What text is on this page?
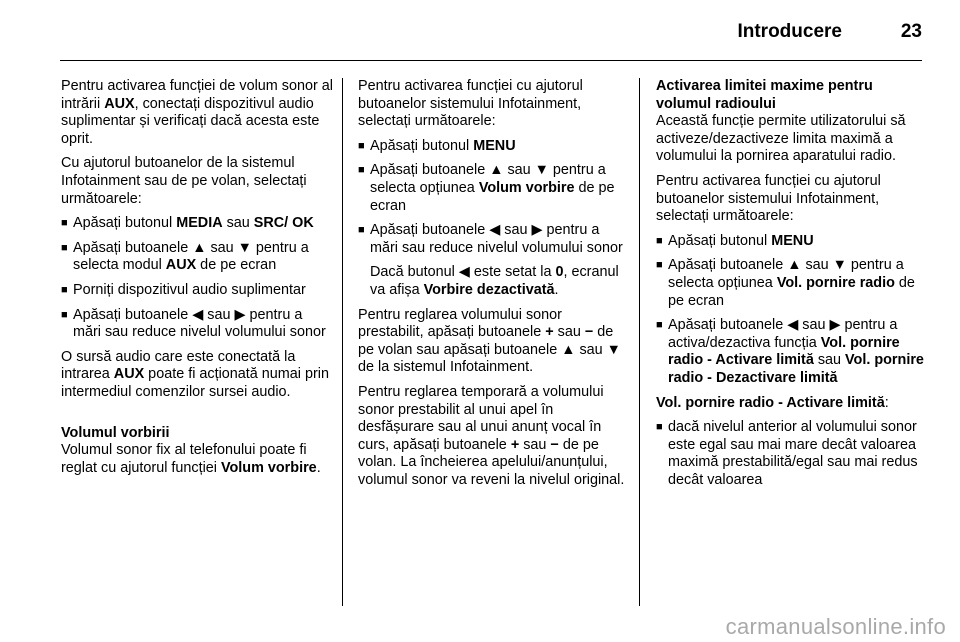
Introducere	23

Pentru activarea funcției de volum sonor al intrării AUX, conectați dispozitivul audio suplimentar și verificați dacă acesta este oprit.

Cu ajutorul butoanelor de la sistemul Infotainment sau de pe volan, selectați următoarele:

■ Apăsați butonul MEDIA sau SRC/ OK
■ Apăsați butoanele ▲ sau ▼ pentru a selecta modul AUX de pe ecran
■ Porniți dispozitivul audio suplimentar
■ Apăsați butoanele ◀ sau ▶ pentru a mări sau reduce nivelul volumului sonor

O sursă audio care este conectată la intrarea AUX poate fi acționată numai prin intermediul comenzilor sursei audio.

Volumul vorbirii

Volumul sonor fix al telefonului poate fi reglat cu ajutorul funcției Volum vorbire.

Pentru activarea funcției cu ajutorul butoanelor sistemului Infotainment, selectați următoarele:

■ Apăsați butonul MENU
■ Apăsați butoanele ▲ sau ▼ pentru a selecta opțiunea Volum vorbire de pe ecran
■ Apăsați butoanele ◀ sau ▶ pentru a mări sau reduce nivelul volumului sonor

Dacă butonul ◀ este setat la 0, ecranul va afișa Vorbire dezactivată.

Pentru reglarea volumului sonor prestabilit, apăsați butoanele + sau − de pe volan sau apăsați butoanele ▲ sau ▼ de la sistemul Infotainment.

Pentru reglarea temporară a volumului sonor prestabilit al unui apel în desfășurare sau al unui anunț vocal în curs, apăsați butoanele + sau − de pe volan. La încheierea apelului/anunțului, volumul sonor va reveni la nivelul original.

Activarea limitei maxime pentru volumul radioului

Această funcție permite utilizatorului să activeze/dezactiveze limita maximă a volumului la pornirea aparatului radio.

Pentru activarea funcției cu ajutorul butoanelor sistemului Infotainment, selectați următoarele:

■ Apăsați butonul MENU
■ Apăsați butoanele ▲ sau ▼ pentru a selecta opțiunea Vol. pornire radio de pe ecran
■ Apăsați butoanele ◀ sau ▶ pentru a activa/dezactiva funcția Vol. pornire radio - Activare limită sau Vol. pornire radio - Dezactivare limită

Vol. pornire radio - Activare limită:

■ dacă nivelul anterior al volumului sonor este egal sau mai mare decât valoarea maximă prestabilită/egal sau mai redus decât valoarea
carmanualsonline.info
